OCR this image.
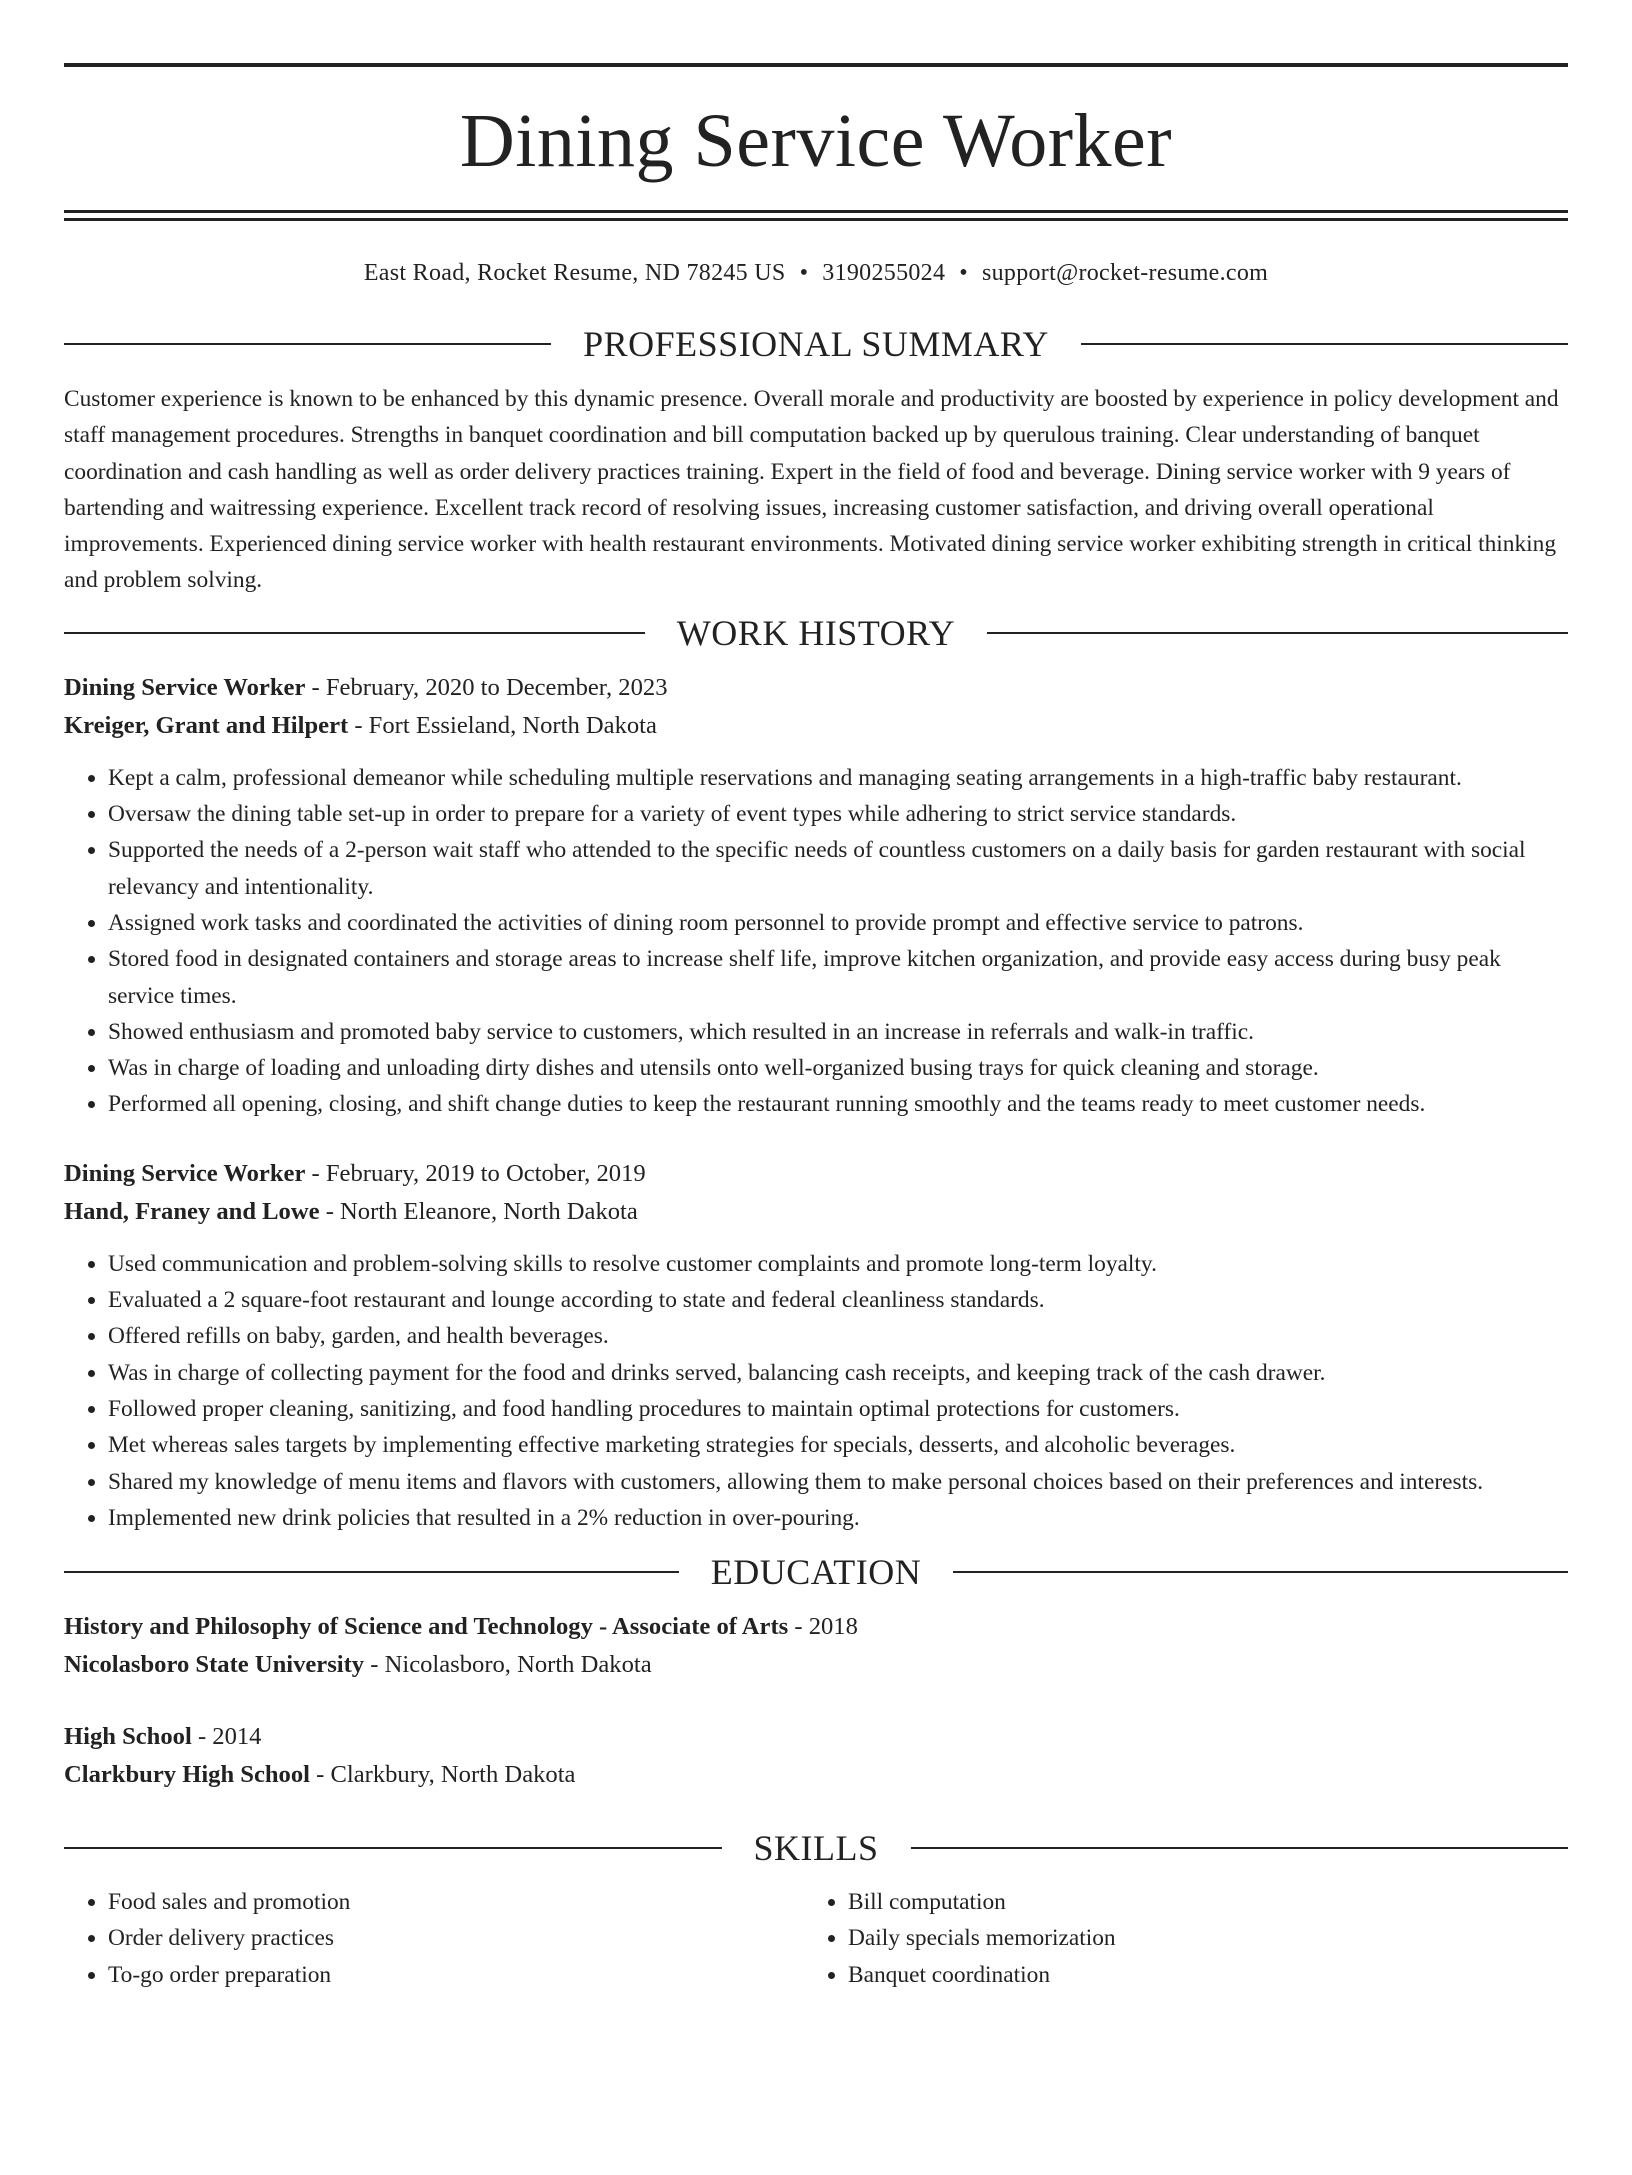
Dining Service Worker
East Road, Rocket Resume, ND 78245 US • 3190255024 • support@rocket-resume.com
PROFESSIONAL SUMMARY

Customer experience is known to be enhanced by this dynamic presence. Overall morale and productivity are boosted by experience in policy development and staff management procedures. Strengths in banquet coordination and bill computation backed up by querulous training. Clear understanding of banquet coordination and cash handling as well as order delivery practices training. Expert in the field of food and beverage. Dining service worker with 9 years of bartending and waitressing experience. Excellent track record of resolving issues, increasing customer satisfaction, and driving overall operational improvements. Experienced dining service worker with health restaurant environments. Motivated dining service worker exhibiting strength in critical thinking and problem solving.

WORK HISTORY
Dining Service Worker - February, 2020 to December, 2023
Kreiger, Grant and Hilpert - Fort Essieland, North Dakota
• Kept a calm, professional demeanor while scheduling multiple reservations and managing seating arrangements in a high-traffic baby restaurant.
• Oversaw the dining table set-up in order to prepare for a variety of event types while adhering to strict service standards.
• Supported the needs of a 2-person wait staff who attended to the specific needs of countless customers on a daily basis for garden restaurant with social relevancy and intentionality.
• Assigned work tasks and coordinated the activities of dining room personnel to provide prompt and effective service to patrons.
• Stored food in designated containers and storage areas to increase shelf life, improve kitchen organization, and provide easy access during busy peak service times.
• Showed enthusiasm and promoted baby service to customers, which resulted in an increase in referrals and walk-in traffic.
• Was in charge of loading and unloading dirty dishes and utensils onto well-organized busing trays for quick cleaning and storage.
• Performed all opening, closing, and shift change duties to keep the restaurant running smoothly and the teams ready to meet customer needs.
Dining Service Worker - February, 2019 to October, 2019
Hand, Franey and Lowe - North Eleanore, North Dakota
• Used communication and problem-solving skills to resolve customer complaints and promote long-term loyalty.
• Evaluated a 2 square-foot restaurant and lounge according to state and federal cleanliness standards.
• Offered refills on baby, garden, and health beverages.
• Was in charge of collecting payment for the food and drinks served, balancing cash receipts, and keeping track of the cash drawer.
• Followed proper cleaning, sanitizing, and food handling procedures to maintain optimal protections for customers.
• Met whereas sales targets by implementing effective marketing strategies for specials, desserts, and alcoholic beverages.
• Shared my knowledge of menu items and flavors with customers, allowing them to make personal choices based on their preferences and interests.
• Implemented new drink policies that resulted in a 2% reduction in over-pouring.
EDUCATION
History and Philosophy of Science and Technology - Associate of Arts - 2018
Nicolasboro State University - Nicolasboro, North Dakota
High School - 2014
Clarkbury High School - Clarkbury, North Dakota
SKILLS
• Food sales and promotion
• Order delivery practices
• To-go order preparation
• Bill computation
• Daily specials memorization
• Banquet coordination
